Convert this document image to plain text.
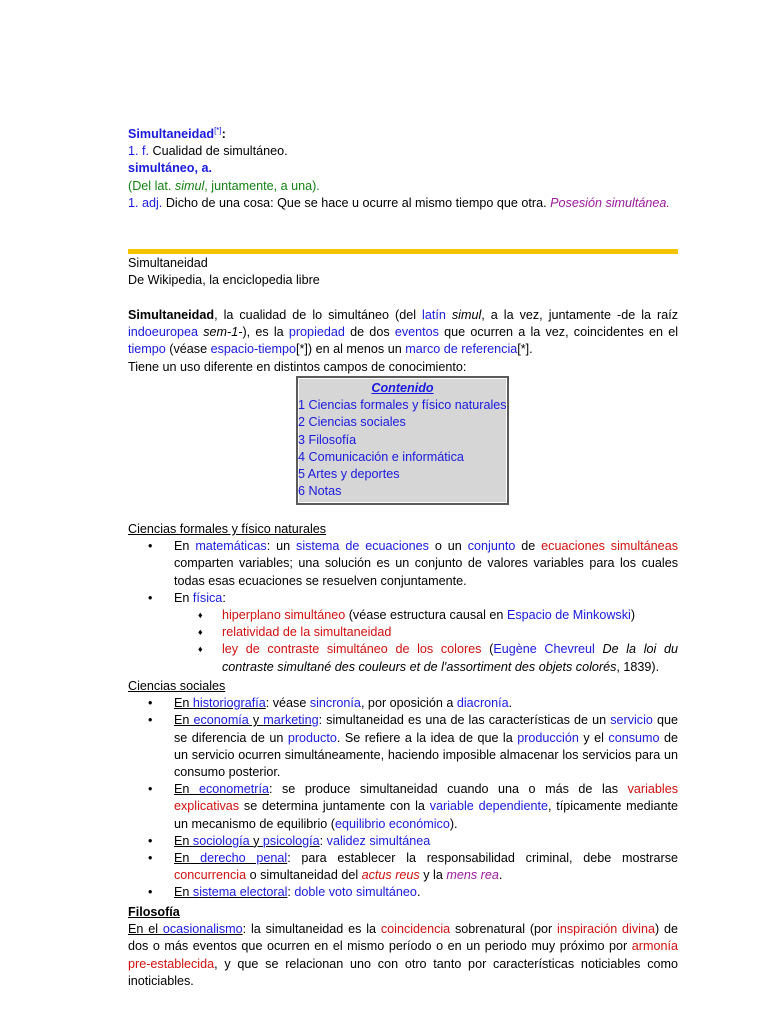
Simultaneidad[*]:
1. f. Cualidad de simultáneo.
simultáneo, a.
(Del lat. simul, juntamente, a una).
1. adj. Dicho de una cosa: Que se hace u ocurre al mismo tiempo que otra. Posesión simultánea.
Simultaneidad
De Wikipedia, la enciclopedia libre
Simultaneidad, la cualidad de lo simultáneo (del latín simul, a la vez, juntamente -de la raíz indoeuropea sem-1-), es la propiedad de dos eventos que ocurren a la vez, coincidentes en el tiempo (véase espacio-tiempo[*]) en al menos un marco de referencia[*].
Tiene un uso diferente en distintos campos de conocimiento:
Ciencias formales y físico naturales
• En matemáticas: un sistema de ecuaciones o un conjunto de ecuaciones simultáneas comparten variables; una solución es un conjunto de valores variables para los cuales todas esas ecuaciones se resuelven conjuntamente.
• En física:
♦ hiperplano simultáneo (véase estructura causal en Espacio de Minkowski)
♦ relatividad de la simultaneidad
♦ ley de contraste simultáneo de los colores (Eugène Chevreul De la loi du contraste simultané des couleurs et de l'assortiment des objets colorés, 1839).
Ciencias sociales
• En historiografía: véase sincronía, por oposición a diacronía.
• En economía y marketing: simultaneidad es una de las características de un servicio que se diferencia de un producto. Se refiere a la idea de que la producción y el consumo de un servicio ocurren simultáneamente, haciendo imposible almacenar los servicios para un consumo posterior.
• En econometría: se produce simultaneidad cuando una o más de las variables explicativas se determina juntamente con la variable dependiente, típicamente mediante un mecanismo de equilibrio (equilibrio económico).
• En sociología y psicología: validez simultánea
• En derecho penal: para establecer la responsabilidad criminal, debe mostrarse concurrencia o simultaneidad del actus reus y la mens rea.
• En sistema electoral: doble voto simultáneo.
Filosofía
En el ocasionalismo: la simultaneidad es la coincidencia sobrenatural (por inspiración divina) de dos o más eventos que ocurren en el mismo período o en un periodo muy próximo por armonía pre-establecida, y que se relacionan uno con otro tanto por características noticiables como inoticiables.
Contenido
1 Ciencias formales y físico naturales
2 Ciencias sociales
3 Filosofía
4 Comunicación e informática
5 Artes y deportes
6 Notas
